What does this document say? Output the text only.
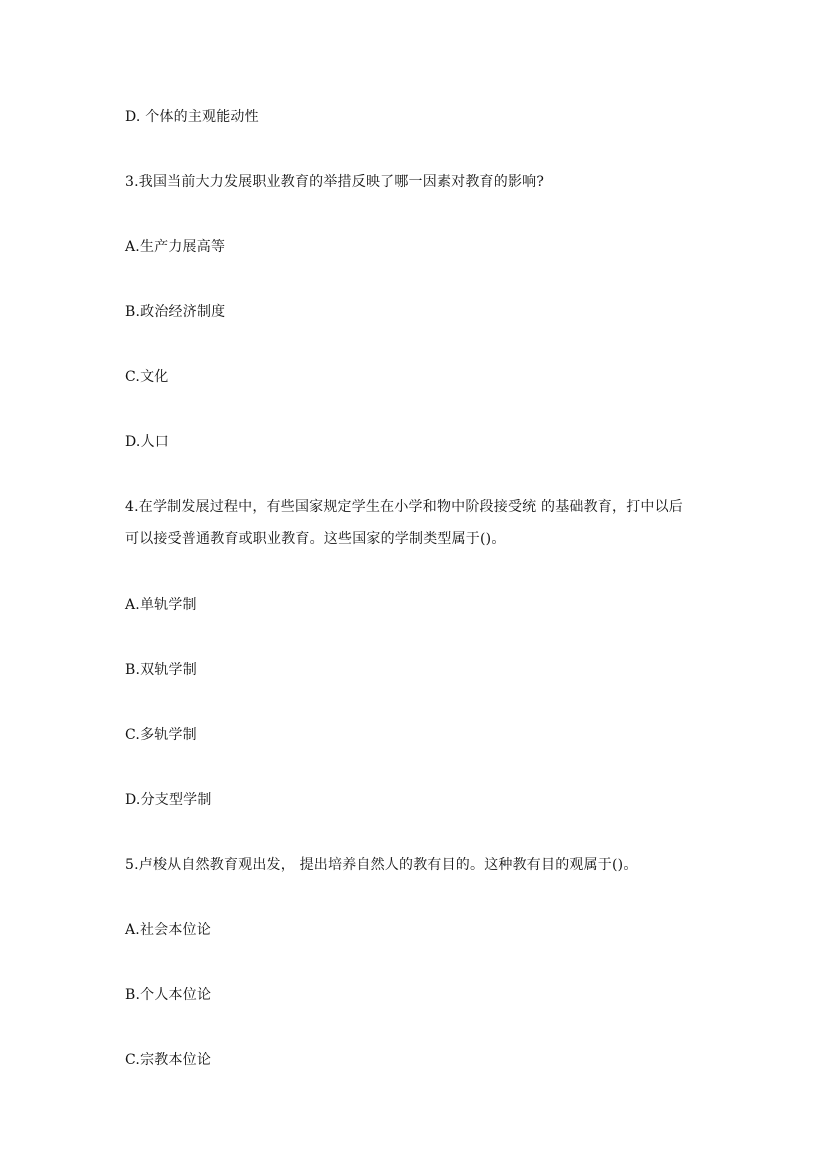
D. 个体的主观能动性
3.我国当前大力发展职业教育的举措反映了哪一因素对教育的影响?
A.生产力展高等
B.政治经济制度
C.文化
D.人口
4.在学制发展过程中，有些国家规定学生在小学和物中阶段接受统 的基础教育，打中以后
可以接受普通教育或职业教育。这些国家的学制类型属于()。
A.单轨学制
B.双轨学制
C.多轨学制
D.分支型学制
5.卢梭从自然教育观出发， 提出培养自然人的教有目的。这种教有目的观属于()。
A.社会本位论
B.个人本位论
C.宗教本位论
